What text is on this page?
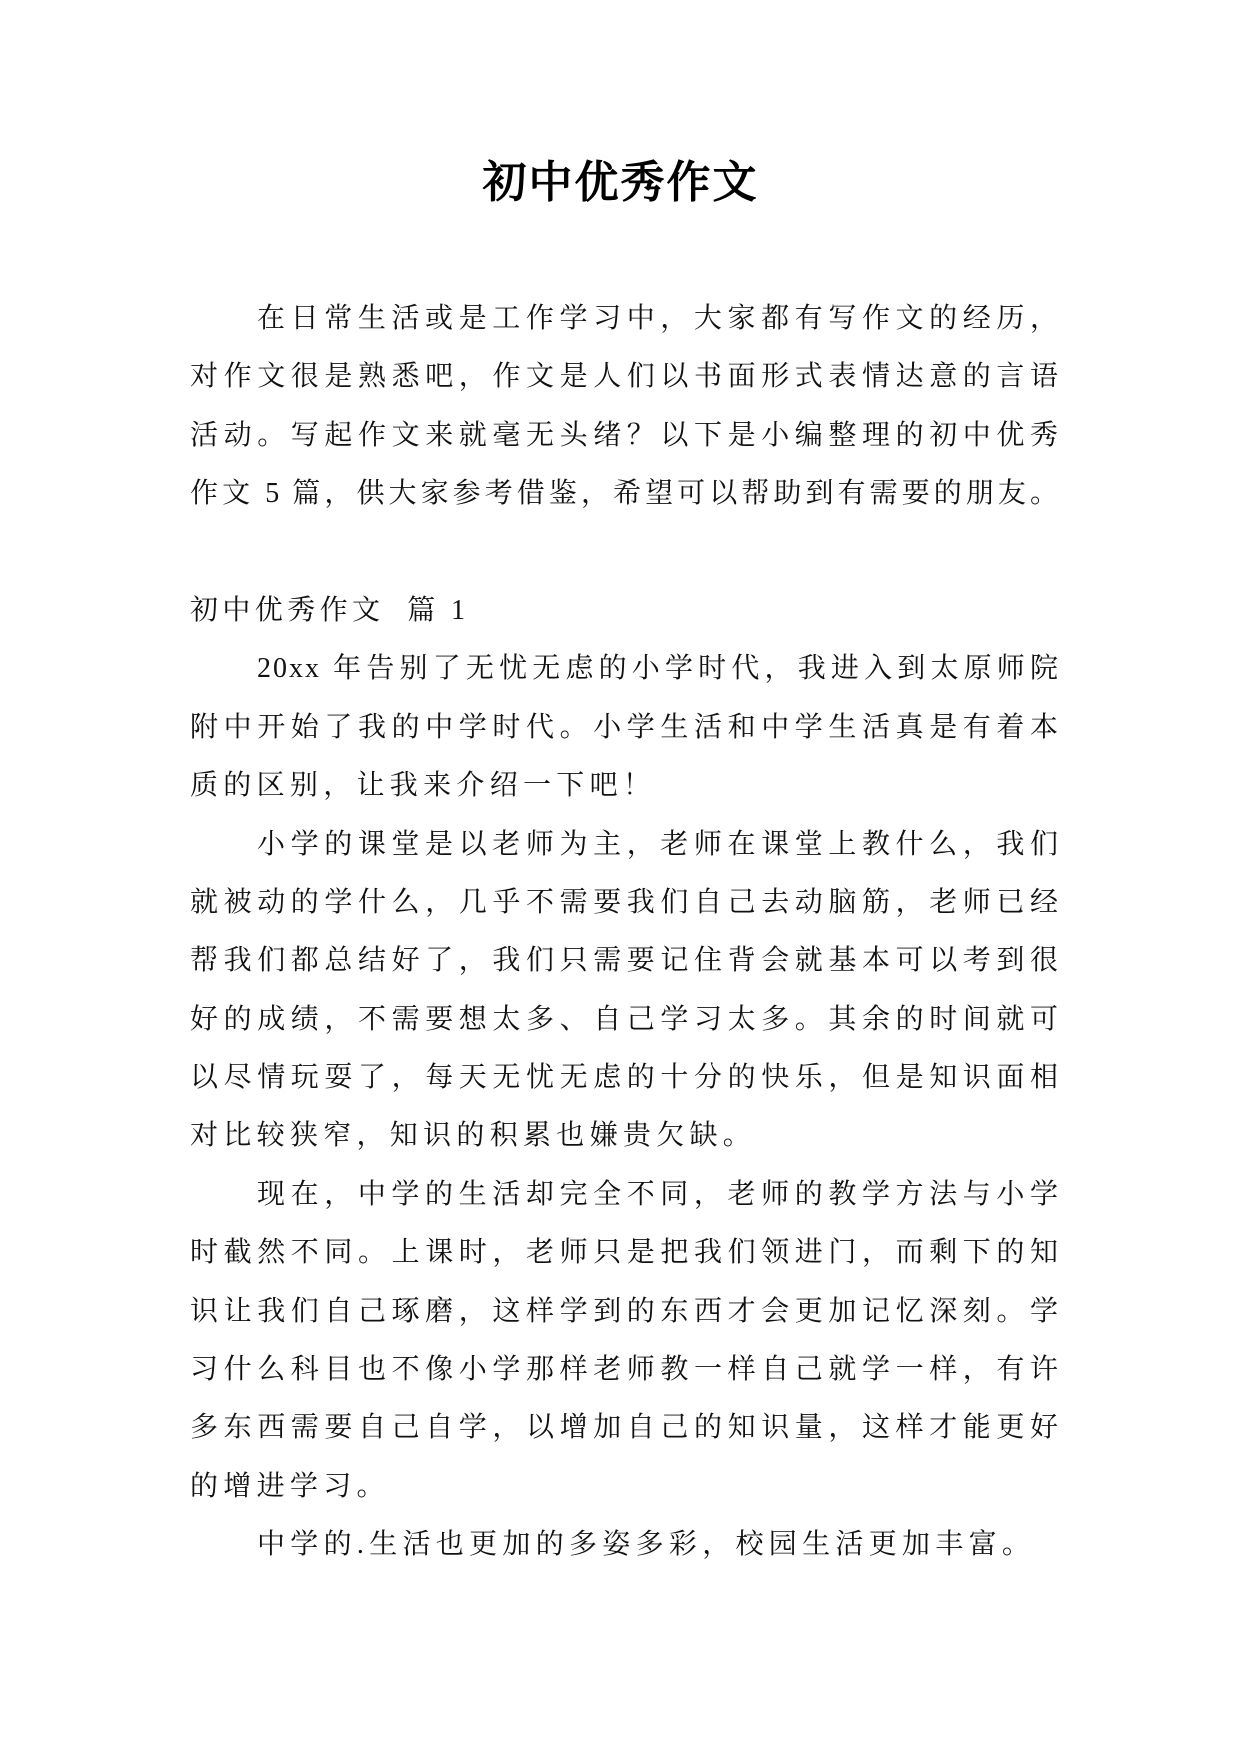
初中优秀作文
在日常生活或是工作学习中，大家都有写作文的经历，
对作文很是熟悉吧，作文是人们以书面形式表情达意的言语
活动。写起作文来就毫无头绪？以下是小编整理的初中优秀
作文 5 篇，供大家参考借鉴，希望可以帮助到有需要的朋友。
初中优秀作文  篇 1
20xx 年告别了无忧无虑的小学时代，我进入到太原师院
附中开始了我的中学时代。小学生活和中学生活真是有着本
质的区别，让我来介绍一下吧！
小学的课堂是以老师为主，老师在课堂上教什么，我们
就被动的学什么，几乎不需要我们自己去动脑筋，老师已经
帮我们都总结好了，我们只需要记住背会就基本可以考到很
好的成绩，不需要想太多、自己学习太多。其余的时间就可
以尽情玩耍了，每天无忧无虑的十分的快乐，但是知识面相
对比较狭窄，知识的积累也嫌贵欠缺。
现在，中学的生活却完全不同，老师的教学方法与小学
时截然不同。上课时，老师只是把我们领进门，而剩下的知
识让我们自己琢磨，这样学到的东西才会更加记忆深刻。学
习什么科目也不像小学那样老师教一样自己就学一样，有许
多东西需要自己自学，以增加自己的知识量，这样才能更好
的增进学习。
中学的.生活也更加的多姿多彩，校园生活更加丰富。
